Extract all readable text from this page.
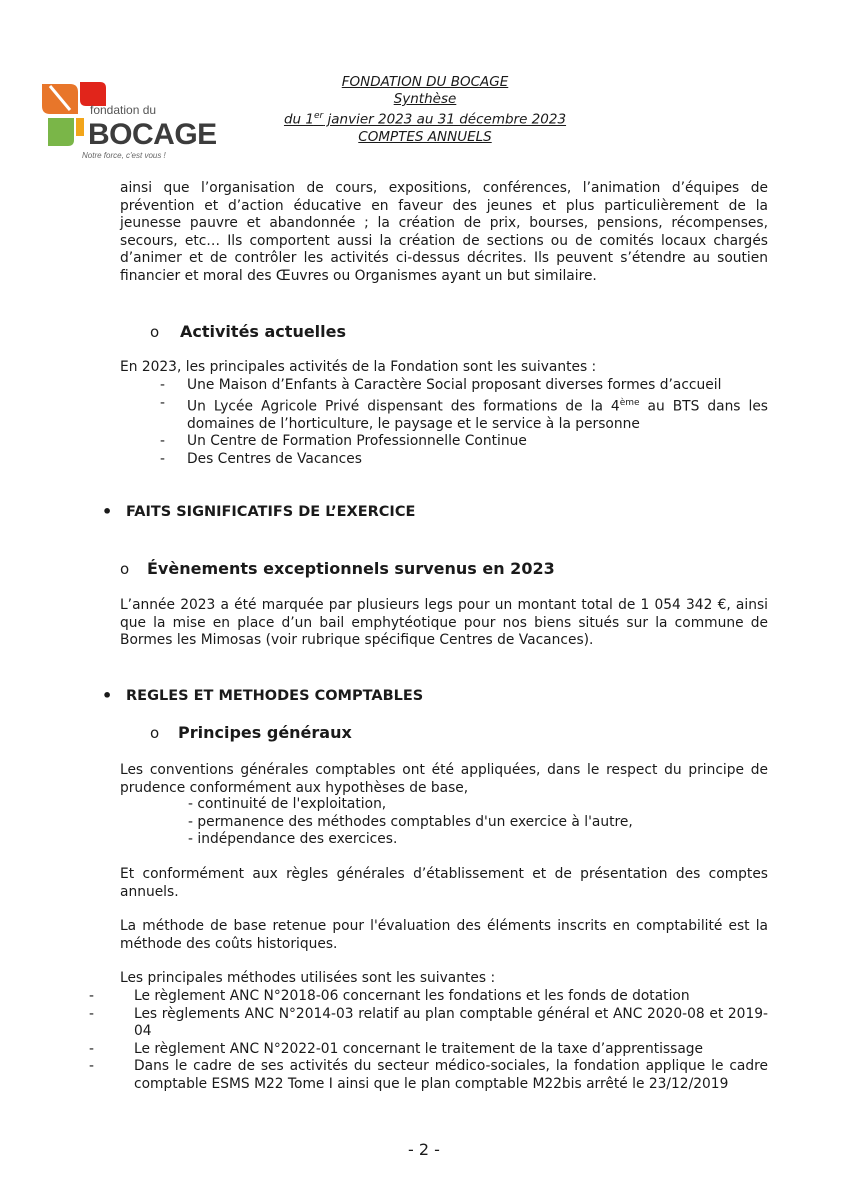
fondation du
BOCAGE
Notre force, c'est vous !
FONDATION DU BOCAGE
Synthèse
du 1er janvier 2023 au 31 décembre 2023
COMPTES ANNUELS

ainsi que l’organisation de cours, expositions, conférences, l’animation d’équipes de prévention et d’action éducative en faveur des jeunes et plus particulièrement de la jeunesse pauvre et abandonnée ; la création de prix, bourses, pensions, récompenses, secours, etc… Ils comportent aussi la création de sections ou de comités locaux chargés d’animer et de contrôler les activités ci-dessus décrites. Ils peuvent s’étendre au soutien financier et moral des Œuvres ou Organismes ayant un but similaire.

o	Activités actuelles

En 2023, les principales activités de la Fondation sont les suivantes :

- Une Maison d’Enfants à Caractère Social proposant diverses formes d’accueil

- Un Lycée Agricole Privé dispensant des formations de la 4ème au BTS dans les domaines de l’horticulture, le paysage et le service à la personne

- Un Centre de Formation Professionnelle Continue

- Des Centres de Vacances

• FAITS SIGNIFICATIFS DE L’EXERCICE
o	Évènements exceptionnels survenus en 2023

L’année 2023 a été marquée par plusieurs legs pour un montant total de 1 054 342 €, ainsi que la mise en place d’un bail emphytéotique pour nos biens situés sur la commune de Bormes les Mimosas (voir rubrique spécifique Centres de Vacances).

• REGLES ET METHODES COMPTABLES
o	Principes généraux

Les conventions générales comptables ont été appliquées, dans le respect du principe de prudence conformément aux hypothèses de base,

- continuité de l'exploitation,

- permanence des méthodes comptables d'un exercice à l'autre,

- indépendance des exercices.

Et conformément aux règles générales d’établissement et de présentation des comptes annuels.

La méthode de base retenue pour l'évaluation des éléments inscrits en comptabilité est la méthode des coûts historiques.

Les principales méthodes utilisées sont les suivantes :

-	Le règlement ANC N°2018-06 concernant les fondations et les fonds de dotation

-	Les règlements ANC N°2014-03 relatif au plan comptable général et ANC 2020-08 et 2019-04

-	Le règlement ANC N°2022-01 concernant le traitement de la taxe d’apprentissage

-	Dans le cadre de ses activités du secteur médico-sociales, la fondation applique le cadre comptable ESMS M22 Tome I ainsi que le plan comptable M22bis arrêté le 23/12/2019

- 2 -
